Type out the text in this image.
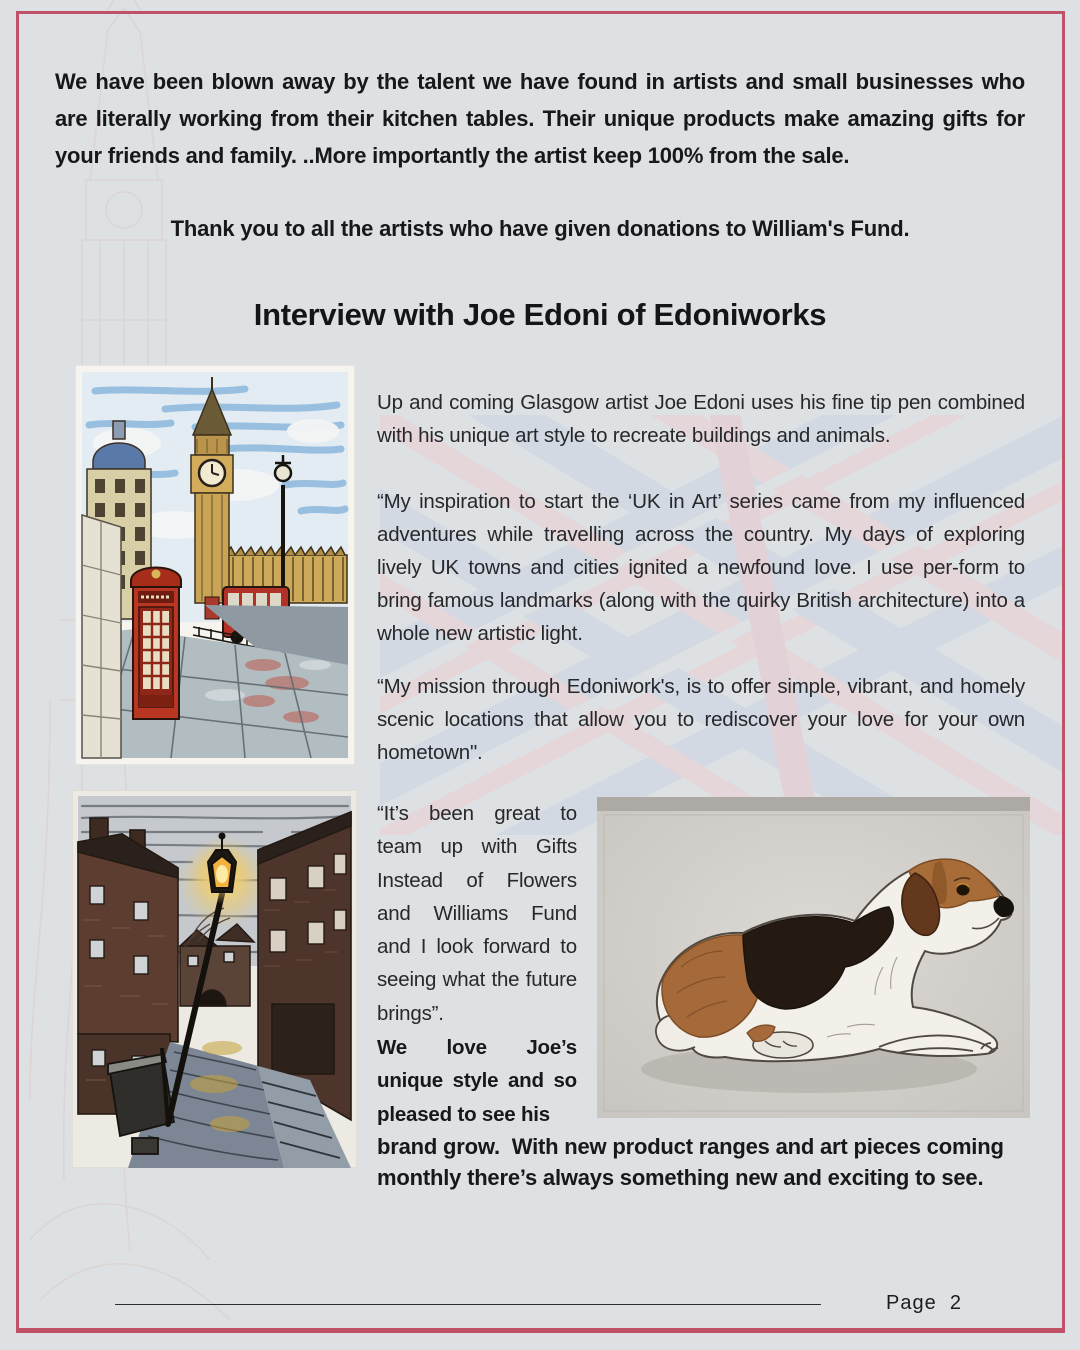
We have been blown away by the talent we have found in artists and small businesses who are literally working from their kitchen tables. Their unique products make amazing gifts for your friends and family. ..More importantly the artist keep 100% from the sale.
Thank you to all the artists who have given donations to William's Fund.
Interview with Joe Edoni of Edoniworks
Up and coming Glasgow artist Joe Edoni uses his fine tip pen combined with his unique art style to recreate buildings and animals.
“My inspiration to start the ‘UK in Art’ series came from my influenced adventures while travelling across the country. My days of exploring lively UK towns and cities ignited a newfound love. I use per-form to bring famous landmarks (along with the quirky British architecture) into a whole new artistic light.
“My mission through Edoniwork's, is to offer simple, vibrant, and homely scenic locations that allow you to rediscover your love for your own hometown".
“It’s been great to team up with Gifts Instead of Flowers and Williams Fund and I look forward to seeing what the future brings”.
We love Joe’s unique style and so pleased to see his
brand grow.  With new product ranges and art pieces coming monthly there’s always something new and exciting to see.
Page  2
